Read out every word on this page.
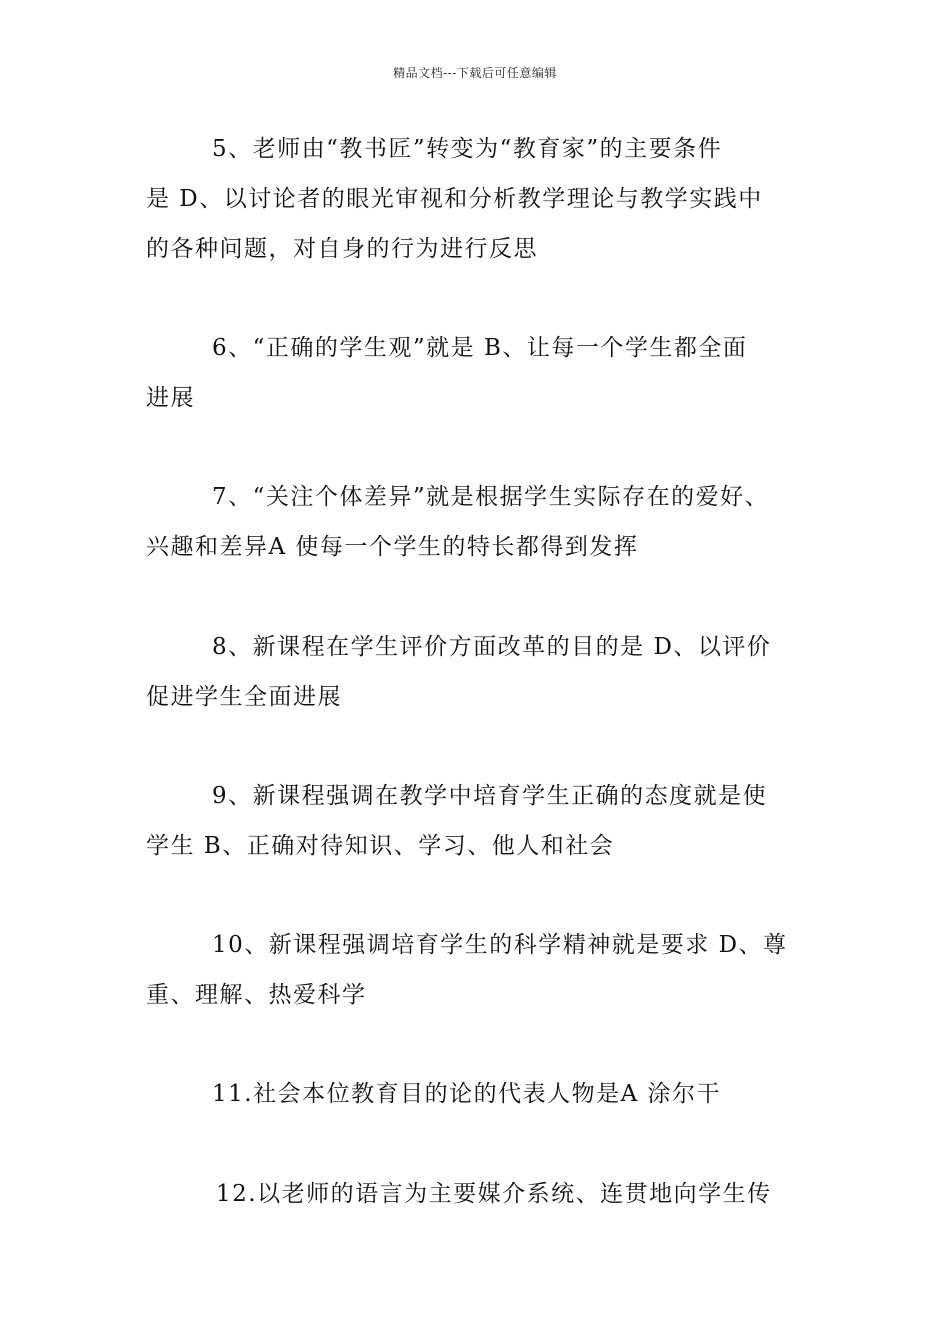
精品文档---下载后可任意编辑
5、老师由“教书匠”转变为“教育家”的主要条件
是 D、以讨论者的眼光审视和分析教学理论与教学实践中
的各种问题，对自身的行为进行反思
6、“正确的学生观”就是 B、让每一个学生都全面
进展
7、“关注个体差异”就是根据学生实际存在的爱好、
兴趣和差异A 使每一个学生的特长都得到发挥
8、新课程在学生评价方面改革的目的是 D、以评价
促进学生全面进展
9、新课程强调在教学中培育学生正确的态度就是使
学生 B、正确对待知识、学习、他人和社会
10、新课程强调培育学生的科学精神就是要求 D、尊
重、理解、热爱科学
11.社会本位教育目的论的代表人物是A 涂尔干
12.以老师的语言为主要媒介系统、连贯地向学生传
